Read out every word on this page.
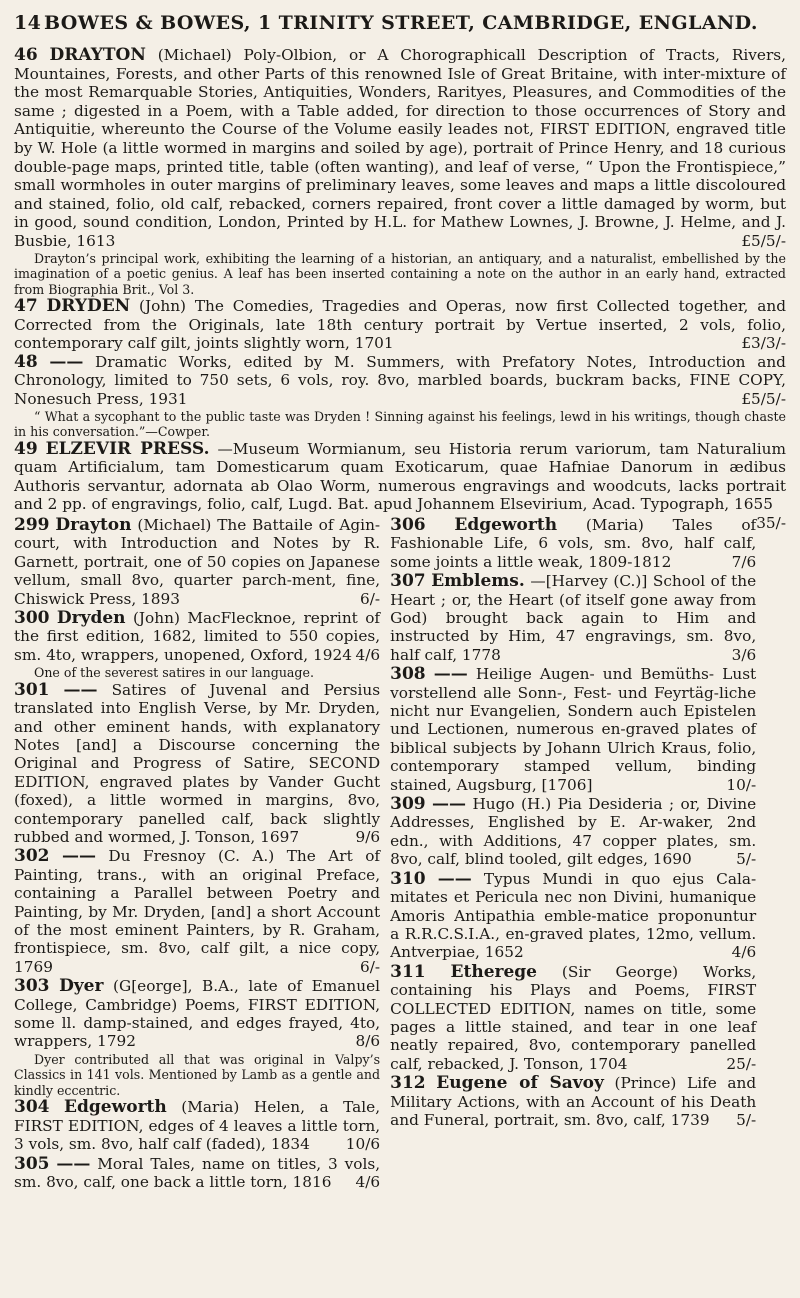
14 BOWES & BOWES, 1 TRINITY STREET, CAMBRIDGE, ENGLAND.

46 DRAYTON (Michael) Poly-Olbion, or A Chorographicall Description of Tracts, Rivers, Mountaines, Forests, and other Parts of this renowned Isle of Great Britaine, with inter-mixture of the most Remarquable Stories, Antiquities, Wonders, Rarityes, Pleasures, and Commodities of the same ; digested in a Poem, with a Table added, for direction to those occurrences of Story and Antiquitie, whereunto the Course of the Volume easily leades not, FIRST EDITION, engraved title by W. Hole (a little wormed in margins and soiled by age), portrait of Prince Henry, and 18 curious double-page maps, printed title, table (often wanting), and leaf of verse, “ Upon the Frontispiece,” small wormholes in outer margins of preliminary leaves, some leaves and maps a little discoloured and stained, folio, old calf, rebacked, corners repaired, front cover a little damaged by worm, but in good, sound condition, London, Printed by H.L. for Mathew Lownes, J. Browne, J. Helme, and J. Busbie, 1613	£5/5/-

Drayton’s principal work, exhibiting the learning of a historian, an antiquary, and a naturalist, embellished by the imagination of a poetic genius. A leaf has been inserted containing a note on the author in an early hand, extracted from Biographia Brit., Vol 3.

47 DRYDEN (John) The Comedies, Tragedies and Operas, now first Collected together, and Corrected from the Originals, late 18th century portrait by Vertue inserted, 2 vols, folio, contemporary calf gilt, joints slightly worn, 1701	£3/3/-

48 —— Dramatic Works, edited by M. Summers, with Prefatory Notes, Introduction and Chronology, limited to 750 sets, 6 vols, roy. 8vo, marbled boards, buckram backs, FINE COPY, Nonesuch Press, 1931	£5/5/-

“ What a sycophant to the public taste was Dryden ! Sinning against his feelings, lewd in his writings, though chaste in his conversation.”—Cowper.

49 ELZEVIR PRESS. —Museum Wormianum, seu Historia rerum variorum, tam Naturalium quam Artificialum, tam Domesticarum quam Exoticarum, quae Hafniae Danorum in ædibus Authoris servantur, adornata ab Olao Worm, numerous engravings and woodcuts, lacks portrait and 2 pp. of engravings, folio, calf, Lugd. Bat. apud Johannem Elsevirium, Acad. Typograph, 1655
35/-

299 Drayton (Michael) The Battaile of Agin-court, with Introduction and Notes by R. Garnett, portrait, one of 50 copies on Japanese vellum, small 8vo, quarter parch-ment, fine, Chiswick Press, 1893	6/-

300 Dryden (John) MacFlecknoe, reprint of the first edition, 1682, limited to 550 copies, sm. 4to, wrappers, unopened, Oxford, 1924 4/6

One of the severest satires in our language.

301 —— Satires of Juvenal and Persius translated into English Verse, by Mr. Dryden, and other eminent hands, with explanatory Notes [and] a Discourse concerning the Original and Progress of Satire, SECOND EDITION, engraved plates by Vander Gucht (foxed), a little wormed in margins, 8vo, contemporary panelled calf, back slightly rubbed and wormed, J. Tonson, 1697	9/6

302 —— Du Fresnoy (C. A.) The Art of Painting, trans., with an original Preface, containing a Parallel between Poetry and Painting, by Mr. Dryden, [and] a short Account of the most eminent Painters, by R. Graham, frontispiece, sm. 8vo, calf gilt, a nice copy, 1769	6/-

303 Dyer (G[eorge], B.A., late of Emanuel College, Cambridge) Poems, FIRST EDITION, some ll. damp-stained, and edges frayed, 4to, wrappers, 1792	8/6

Dyer contributed all that was original in Valpy’s Classics in 141 vols. Mentioned by Lamb as a gentle and kindly eccentric.

304 Edgeworth (Maria) Helen, a Tale, FIRST EDITION, edges of 4 leaves a little torn, 3 vols, sm. 8vo, half calf (faded), 1834 10/6

305 —— Moral Tales, name on titles, 3 vols, sm. 8vo, calf, one back a little torn, 1816 4/6

306 Edgeworth (Maria) Tales of Fashionable Life, 6 vols, sm. 8vo, half calf, some joints a little weak, 1809-1812	7/6

307 Emblems. —[Harvey (C.)] School of the Heart ; or, the Heart (of itself gone away from God) brought back again to Him and instructed by Him, 47 engravings, sm. 8vo, half calf, 1778	3/6

308 —— Heilige Augen- und Bemüths- Lust vorstellend alle Sonn-, Fest- und Feyrtäg-liche nicht nur Evangelien, Sondern auch Epistelen und Lectionen, numerous en-graved plates of biblical subjects by Johann Ulrich Kraus, folio, contemporary stamped vellum, binding stained, Augsburg, [1706]	10/-

309 —— Hugo (H.) Pia Desideria ; or, Divine Addresses, Englished by E. Ar-waker, 2nd edn., with Additions, 47 copper plates, sm. 8vo, calf, blind tooled, gilt edges, 1690	5/-

310 —— Typus Mundi in quo ejus Cala-mitates et Pericula nec non Divini, humanique Amoris Antipathia emble-matice proponuntur a R.R.C.S.I.A., en-graved plates, 12mo, vellum. Antverpiae, 1652	4/6

311 Etherege (Sir George) Works, containing his Plays and Poems, FIRST COLLECTED EDITION, names on title, some pages a little stained, and tear in one leaf neatly repaired, 8vo, contemporary panelled calf, rebacked, J. Tonson, 1704	25/-

312 Eugene of Savoy (Prince) Life and Military Actions, with an Account of his Death and Funeral, portrait, sm. 8vo, calf, 1739 5/-
